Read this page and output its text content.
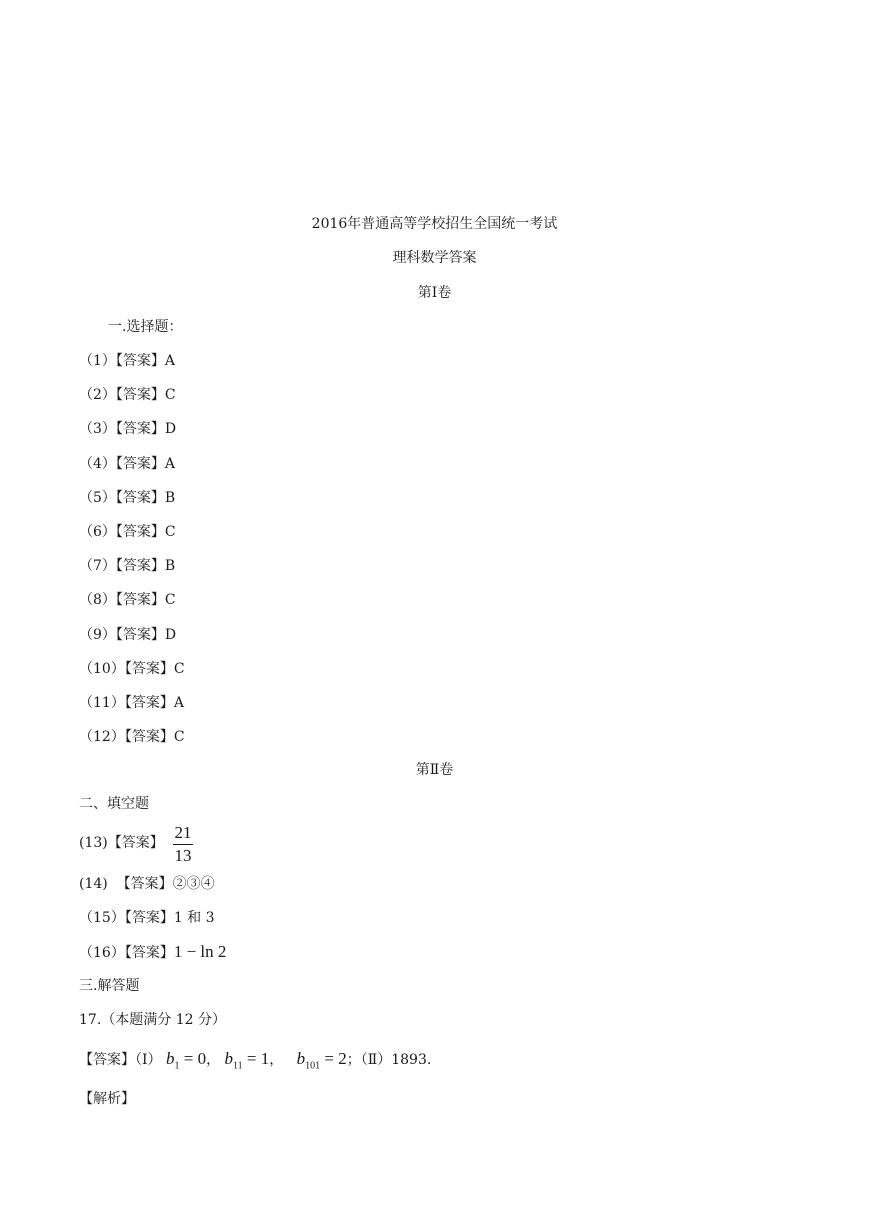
2016年普通高等学校招生全国统一考试
理科数学答案
第Ⅰ卷
一.选择题：
（1）【答案】A
（2）【答案】C
（3）【答案】D
（4）【答案】A
（5）【答案】B
（6）【答案】C
（7）【答案】B
（8）【答案】C
（9）【答案】D
（10）【答案】C
（11）【答案】A
（12）【答案】C
第Ⅱ卷
二、填空题
(13)【答案】
21
13
(14) 【答案】②③④
（15）【答案】1 和 3
（16）【答案】1 − ln 2
三.解答题
17.（本题满分 12 分）
【答案】（Ⅰ） $b_1 = 0$， $b_{11} = 1$， $b_{101} = 2$；（Ⅱ）1893.
【解析】
